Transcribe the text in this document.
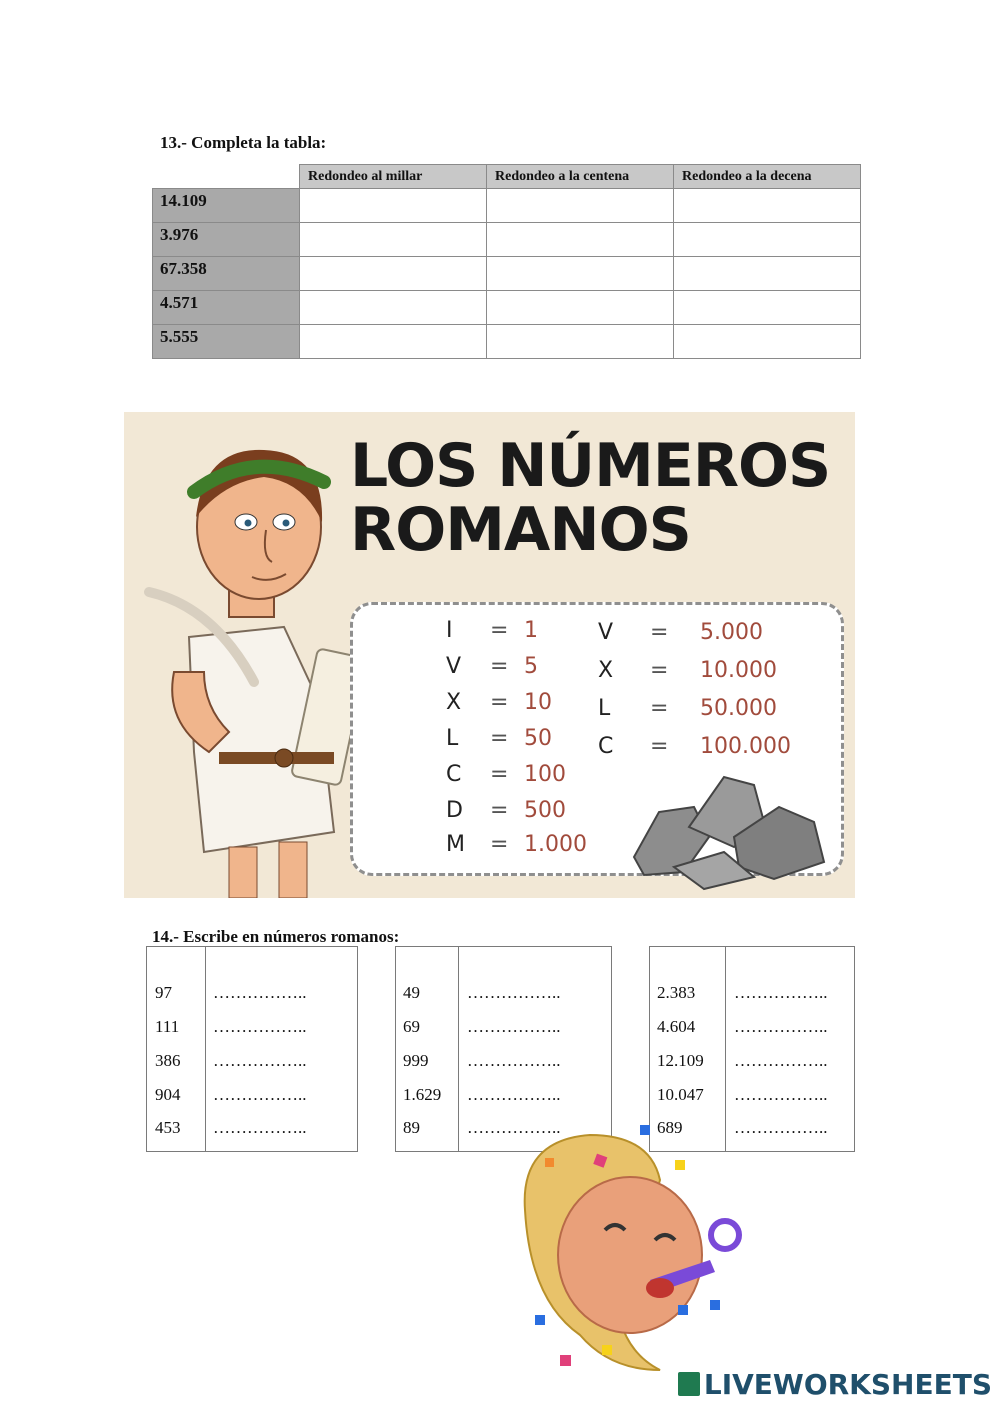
13.- Completa la tabla:
	Redondeo al millar	Redondeo a la centena	Redondeo a la decena
14.109			
3.976			
67.358			
4.571			
5.555			
LOS NÚMEROS
ROMANOS
I = 1
V = 5
X = 10
L = 50
C = 100
D = 500
M = 1.000
V = 5.000
X = 10.000
L = 50.000
C = 100.000
14.- Escribe en números romanos:
97 ……………..
111 ……………..
386 ……………..
904 ……………..
453 ……………..
49	……………..
69	……………..
999 ……………..
1.629 ……………..
89	……………..
2.383 ……………..
4.604 ……………..
12.109 ……………..
10.047 ……………..
689	……………..
LIVEWORKSHEETS
